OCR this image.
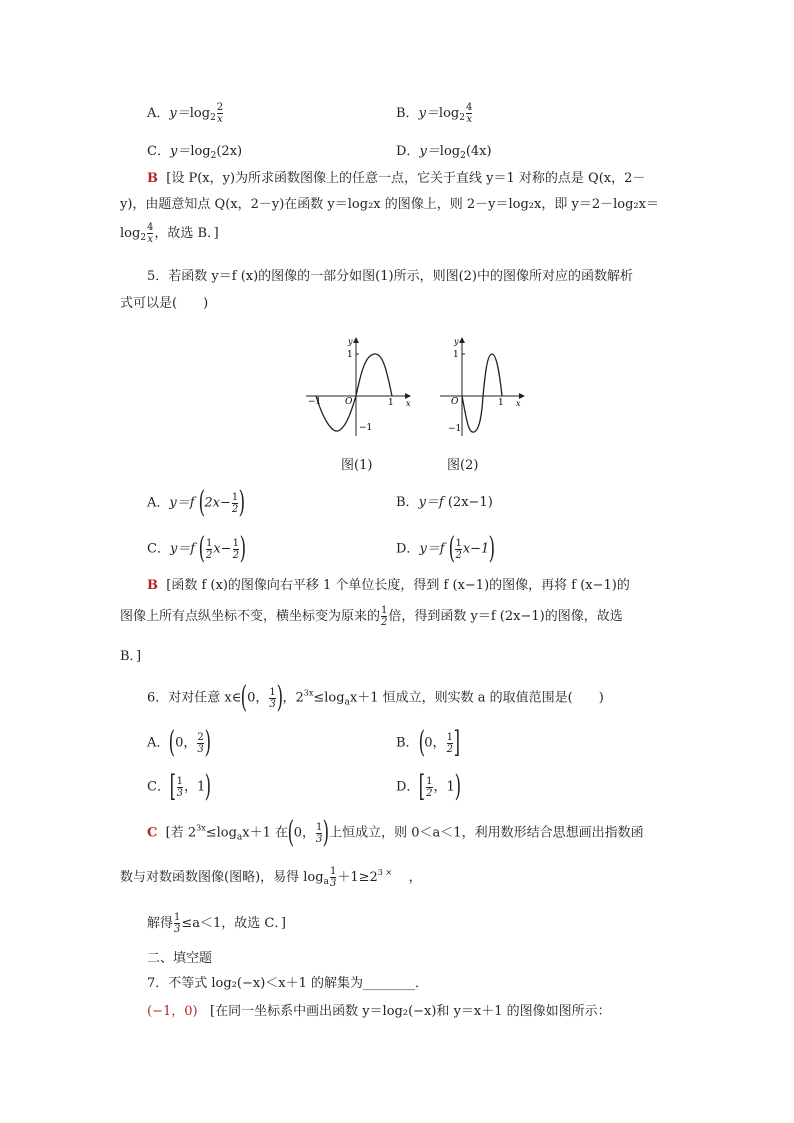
A．$y=\log_2 \frac{2}{x}$	B．$y=\log_2 \frac{4}{x}$
C．$y=\log_2(2x)$	D．$y=\log_2(4x)$
B [设 P(x，y)为所求函数图像上的任意一点，它关于直线 y＝1 对称的点是 Q(x，2－
y)，由题意知点 Q(x，2－y)在函数 y＝log₂x 的图像上，则 2－y＝log₂x，即 y＝2－log₂x＝
$\log_2 \frac{4}{x}$ ，故选 B．]
5．若函数 y＝f (x)的图像的一部分如图(1)所示，则图(2)中的图像所对应的函数解析
式可以是(　　)
y
x
O
1
1
−1
−1
图(1)
y
x
O
1
1
−1
图(2)
A．y＝f ($2x- \frac{1}{2}$ )	B．y＝f (2x−1)
C．y＝f ( $\frac{1}{2} x- \frac{1}{2}$ )	D．y＝f ( $\frac{1}{2} x-1$)
B [函数 f (x)的图像向右平移 1 个单位长度，得到 f (x−1)的图像，再将 f (x−1)的
图像上所有点纵坐标不变，横坐标变为原来的 $\frac{1}{2}$ 倍，得到函数 y＝f (2x−1)的图像，故选
B．]
6．对对任意 x∈(0， $\frac{1}{3}$ )，$2^{3x}\le\log_ax+1$ 恒成立，则实数 a 的取值范围是(　　)
A．(0， $\frac{2}{3}$ )	B．(0， $\frac{1}{2}$ ]
C．[ $\frac{1}{3}$ ，1)	D．[ $\frac{1}{2}$ ，1)
C [若 $2^{3x}\le\log_ax+1$ 在(0， $\frac{1}{3}$ )上恒成立，则 0＜a＜1，利用数形结合思想画出指数函
数与对数函数图像(图略)，易得 $\log_a \frac{1}{3} +1\ge 2^{3 \times}$ ，
解得 $\frac{1}{3} \le a<1$，故选 C．]
二、填空题
7．不等式 log₂(−x)＜x＋1 的解集为________．
(−1，0) [在同一坐标系中画出函数 y＝log₂(−x)和 y＝x＋1 的图像如图所示：
